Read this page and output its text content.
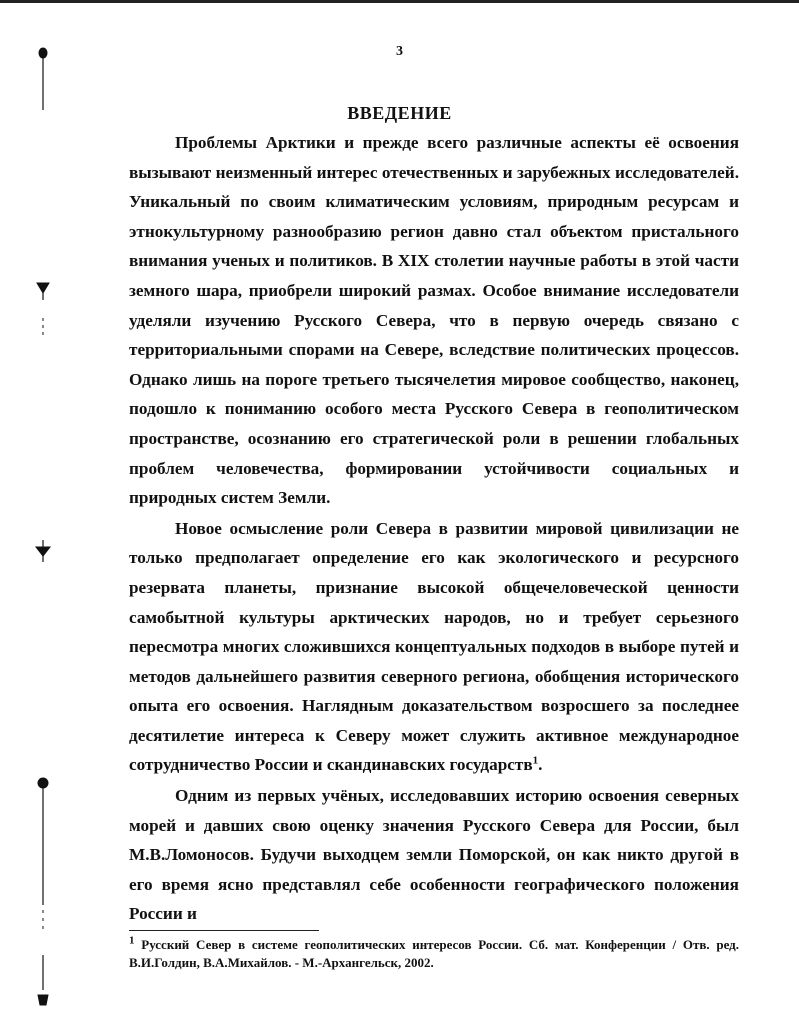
3
ВВЕДЕНИЕ

Проблемы Арктики и прежде всего различные аспекты её освоения вызывают неизменный интерес отечественных и зарубежных исследователей. Уникальный по своим климатическим условиям, природным ресурсам и этнокультурному разнообразию регион давно стал объектом пристального внимания ученых и политиков. В XIX столетии научные работы в этой части земного шара, приобрели широкий размах. Особое внимание исследователи уделяли изучению Русского Севера, что в первую очередь связано с территориальными спорами на Севере, вследствие политических процессов. Однако лишь на пороге третьего тысячелетия мировое сообщество, наконец, подошло к пониманию особого места Русского Севера в геополитическом пространстве, осознанию его стратегической роли в решении глобальных проблем человечества, формировании устойчивости социальных и природных систем Земли.

Новое осмысление роли Севера в развитии мировой цивилизации не только предполагает определение его как экологического и ресурсного резервата планеты, признание высокой общечеловеческой ценности самобытной культуры арктических народов, но и требует серьезного пересмотра многих сложившихся концептуальных подходов в выборе путей и методов дальнейшего развития северного региона, обобщения исторического опыта его освоения. Наглядным доказательством возросшего за последнее десятилетие интереса к Северу может служить активное международное сотрудничество России и скандинавских государств$^1$.

Одним из первых учёных, исследовавших историю освоения северных морей и давших свою оценку значения Русского Севера для России, был М.В.Ломоносов. Будучи выходцем земли Поморской, он как никто другой в его время ясно представлял себе особенности географического положения России и

$^1$ Русский Север в системе геополитических интересов России. Сб. мат. Конференции / Отв. ред. В.И.Голдин, В.А.Михайлов. - М.-Архангельск, 2002.
